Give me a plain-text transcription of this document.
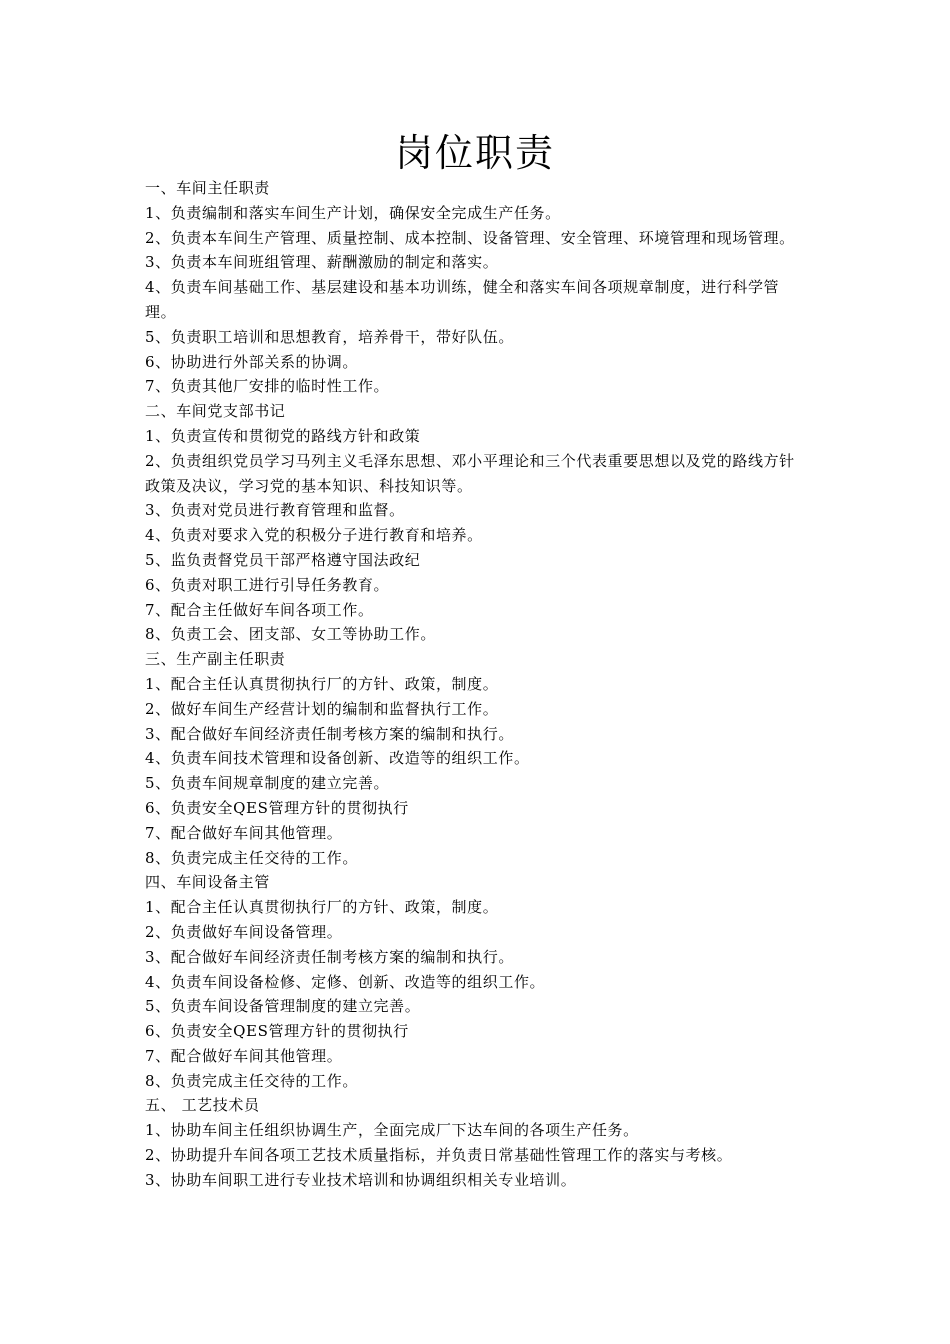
岗位职责

一、车间主任职责

1、负责编制和落实车间生产计划，确保安全完成生产任务。

2、负责本车间生产管理、质量控制、成本控制、设备管理、安全管理、环境管理和现场管理。

3、负责本车间班组管理、薪酬激励的制定和落实。

4、负责车间基础工作、基层建设和基本功训练，健全和落实车间各项规章制度，进行科学管理。

5、负责职工培训和思想教育，培养骨干，带好队伍。

6、协助进行外部关系的协调。

7、负责其他厂安排的临时性工作。

二、车间党支部书记

1、负责宣传和贯彻党的路线方针和政策

2、负责组织党员学习马列主义毛泽东思想、邓小平理论和三个代表重要思想以及党的路线方针政策及决议，学习党的基本知识、科技知识等。

3、负责对党员进行教育管理和监督。

4、负责对要求入党的积极分子进行教育和培养。

5、监负责督党员干部严格遵守国法政纪

6、负责对职工进行引导任务教育。

7、配合主任做好车间各项工作。

8、负责工会、团支部、女工等协助工作。

三、生产副主任职责

1、配合主任认真贯彻执行厂的方针、政策，制度。

2、做好车间生产经营计划的编制和监督执行工作。

3、配合做好车间经济责任制考核方案的编制和执行。

4、负责车间技术管理和设备创新、改造等的组织工作。

5、负责车间规章制度的建立完善。

6、负责安全QES管理方针的贯彻执行

7、配合做好车间其他管理。

8、负责完成主任交待的工作。

四、车间设备主管

1、配合主任认真贯彻执行厂的方针、政策，制度。

2、负责做好车间设备管理。

3、配合做好车间经济责任制考核方案的编制和执行。

4、负责车间设备检修、定修、创新、改造等的组织工作。

5、负责车间设备管理制度的建立完善。

6、负责安全QES管理方针的贯彻执行

7、配合做好车间其他管理。

8、负责完成主任交待的工作。

五、 工艺技术员

1、协助车间主任组织协调生产，全面完成厂下达车间的各项生产任务。

2、协助提升车间各项工艺技术质量指标，并负责日常基础性管理工作的落实与考核。

3、协助车间职工进行专业技术培训和协调组织相关专业培训。
